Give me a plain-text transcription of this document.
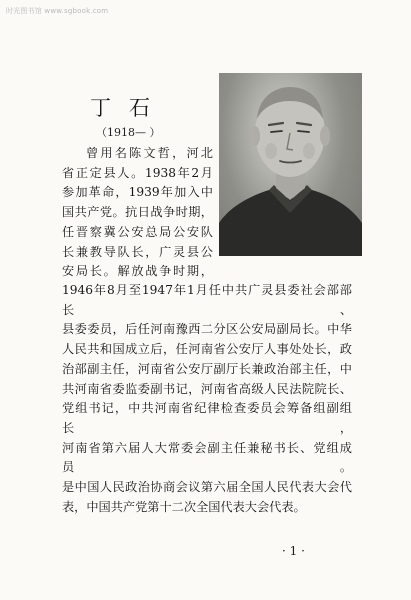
时光图书馆 www.sgbook.com
丁石
（1918— ）
曾用名陈文哲，河北
省正定县人。1938年2月
参加革命，1939年加入中
国共产党。抗日战争时期，
任晋察冀公安总局公安队
长兼教导队长，广灵县公
安局长。解放战争时期，
1946年8月至1947年1月任中共广灵县委社会部部长、
县委委员，后任河南豫西二分区公安局副局长。中华
人民共和国成立后，任河南省公安厅人事处处长，政
治部副主任，河南省公安厅副厅长兼政治部主任，中
共河南省委监委副书记，河南省高级人民法院院长、
党组书记，中共河南省纪律检查委员会筹备组副组长，
河南省第六届人大常委会副主任兼秘书长、党组成员。
是中国人民政治协商会议第六届全国人民代表大会代
表，中国共产党第十二次全国代表大会代表。
· 1 ·
